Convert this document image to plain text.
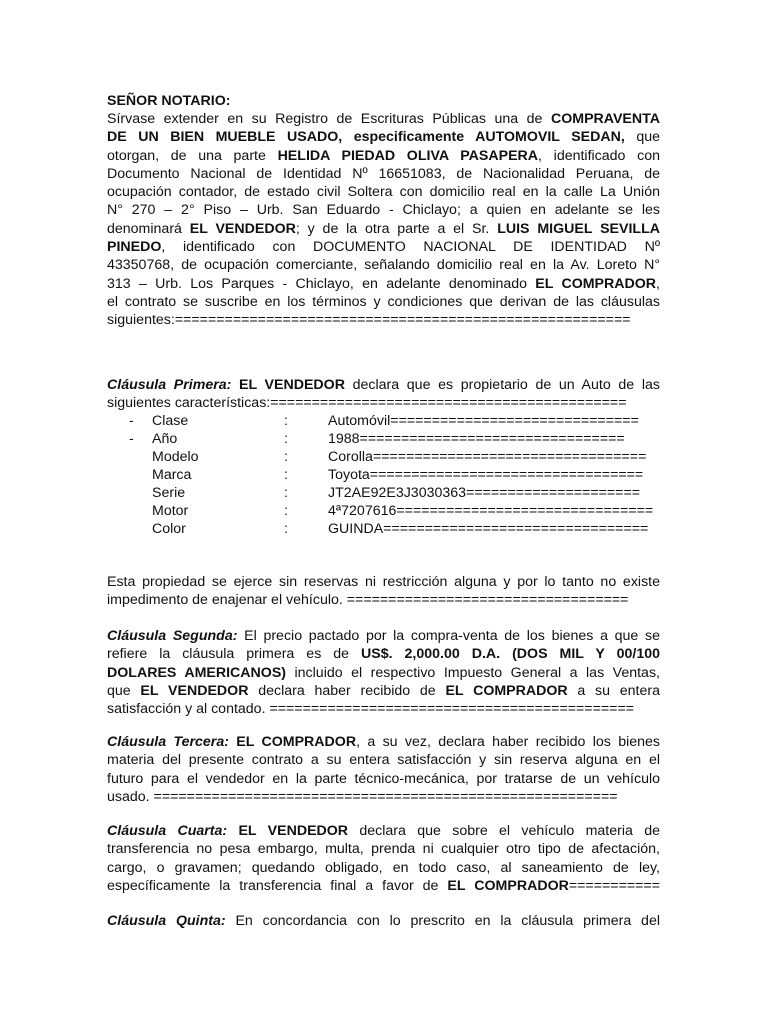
SEÑOR NOTARIO:
Sírvase extender en su Registro de Escrituras Públicas una de COMPRAVENTA
DE UN BIEN MUEBLE USADO, especificamente AUTOMOVIL SEDAN, que
otorgan, de una parte HELIDA PIEDAD OLIVA PASAPERA, identificado con
Documento Nacional de Identidad Nº 16651083, de Nacionalidad Peruana, de
ocupación contador, de estado civil Soltera con domicilio real en la calle La Unión
N° 270 – 2° Piso – Urb. San Eduardo - Chiclayo; a quien en adelante se les
denominará EL VENDEDOR; y de la otra parte a el Sr. LUIS MIGUEL SEVILLA
PINEDO, identificado con DOCUMENTO NACIONAL DE IDENTIDAD Nº
43350768, de ocupación comerciante, señalando domicilio real en la Av. Loreto N°
313 – Urb. Los Parques - Chiclayo, en adelante denominado EL COMPRADOR,
el contrato se suscribe en los términos y condiciones que derivan de las cláusulas
siguientes:=======================================================
Cláusula Primera: EL VENDEDOR declara que es propietario de un Auto de las
siguientes características:===========================================
- Clase	:	Automóvil==============================
- Año	:	1988================================
Modelo	:	Corolla=================================
Marca	:	Toyota=================================
Serie	:	JT2AE92E3J3030363=====================
Motor	:	4ª7207616===============================
Color	:	GUINDA================================
Esta propiedad se ejerce sin reservas ni restricción alguna y por lo tanto no existe
impedimento de enajenar el vehículo. ==================================
Cláusula Segunda: El precio pactado por la compra-venta de los bienes a que se
refiere la cláusula primera es de US$. 2,000.00 D.A. (DOS MIL Y 00/100
DOLARES AMERICANOS) incluido el respectivo Impuesto General a las Ventas,
que EL VENDEDOR declara haber recibido de EL COMPRADOR a su entera
satisfacción y al contado. ============================================
Cláusula Tercera: EL COMPRADOR, a su vez, declara haber recibido los bienes
materia del presente contrato a su entera satisfacción y sin reserva alguna en el
futuro para el vendedor en la parte técnico-mecánica, por tratarse de un vehículo
usado. ========================================================
Cláusula Cuarta: EL VENDEDOR declara que sobre el vehículo materia de
transferencia no pesa embargo, multa, prenda ni cualquier otro tipo de afectación,
cargo, o gravamen; quedando obligado, en todo caso, al saneamiento de ley,
específicamente la transferencia final a favor de EL COMPRADOR===========
Cláusula Quinta: En concordancia con lo prescrito en la cláusula primera del
